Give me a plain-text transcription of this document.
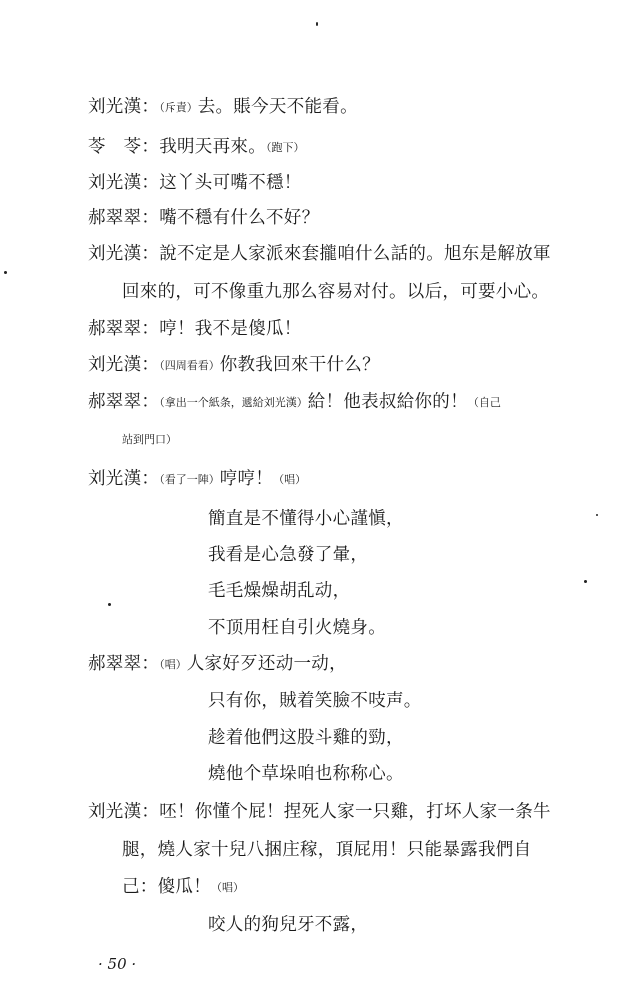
刘光漢：（斥責）去。賬今天不能看。
苓　苓：我明天再來。（跑下）
刘光漢：这丫头可嘴不穩！
郝翠翠：嘴不穩有什么不好？
刘光漢：說不定是人家派來套攏咱什么話的。旭东是解放軍
回來的，可不像重九那么容易对付。以后，可要小心。
郝翠翠：哼！我不是傻瓜！
刘光漢：（四周看看）你教我回來干什么？
郝翠翠：（拿出一个紙条，遞給刘光漢）給！他表叔給你的！（自己
站到門口）
刘光漢：（看了一陣）哼哼！（唱）
簡直是不懂得小心謹愼，
我看是心急發了暈，
毛毛燥燥胡乱动，
不顶用枉自引火燒身。
郝翠翠：（唱）人家好歹还动一动，
只有你，賊着笑臉不吱声。
趁着他們这股斗雞的勁，
燒他个草垛咱也称称心。
刘光漢：呸！你懂个屁！捏死人家一只雞，打坏人家一条牛
腿，燒人家十兒八捆庄稼，頂屁用！只能暴露我們自
己：傻瓜！（唱）
咬人的狗兒牙不露，
· 50 ·
